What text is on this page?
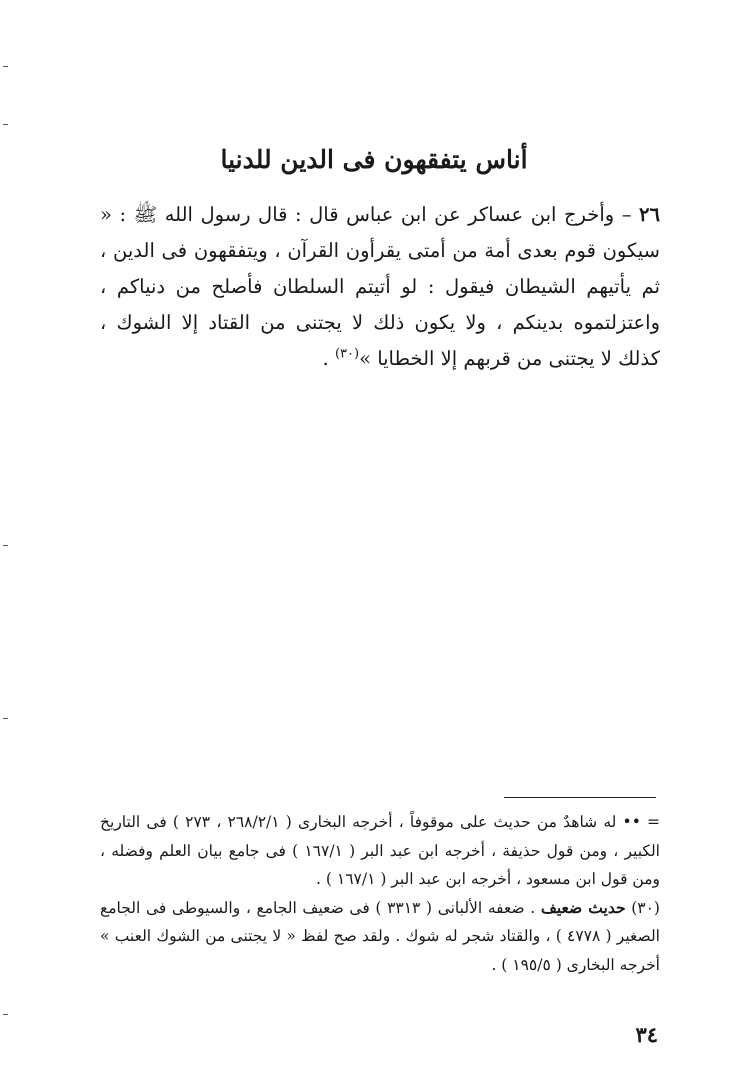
أناس يتفقهون فى الدين للدنيا

٢٦ – وأخرج ابن عساكر عن ابن عباس قال : قال رسول الله ﷺ : « سيكون قوم بعدى أمة من أمتى يقرأون القرآن ، ويتفقهون فى الدين ، ثم يأتيهم الشيطان فيقول : لو أتيتم السلطان فأصلح من دنياكم ، واعتزلتموه بدينكم ، ولا يكون ذلك لا يجتنى من القتاد إلا الشوك ، كذلك لا يجتنى من قربهم إلا الخطايا »$^{(٣٠)}$ .

= •• له شاهدٌ من حديث على موقوفاً ، أخرجه البخارى ( ٢٦٨/٢/١ ، ٢٧٣ ) فى التاريخ الكبير ، ومن قول حذيفة ، أخرجه ابن عبد البر ( ١٦٧/١ ) فى جامع بيان العلم وفضله ، ومن قول ابن مسعود ، أخرجه ابن عبد البر ( ١٦٧/١ ) .

(٣٠) حديث ضعيف . ضعفه الألبانى ( ٣٣١٣ ) فى ضعيف الجامع ، والسيوطى فى الجامع الصغير ( ٤٧٧٨ ) ، والقتاد شجر له شوك . ولقد صح لفظ « لا يجتنى من الشوك العنب » أخرجه البخارى ( ١٩٥/٥ ) .

٣٤
